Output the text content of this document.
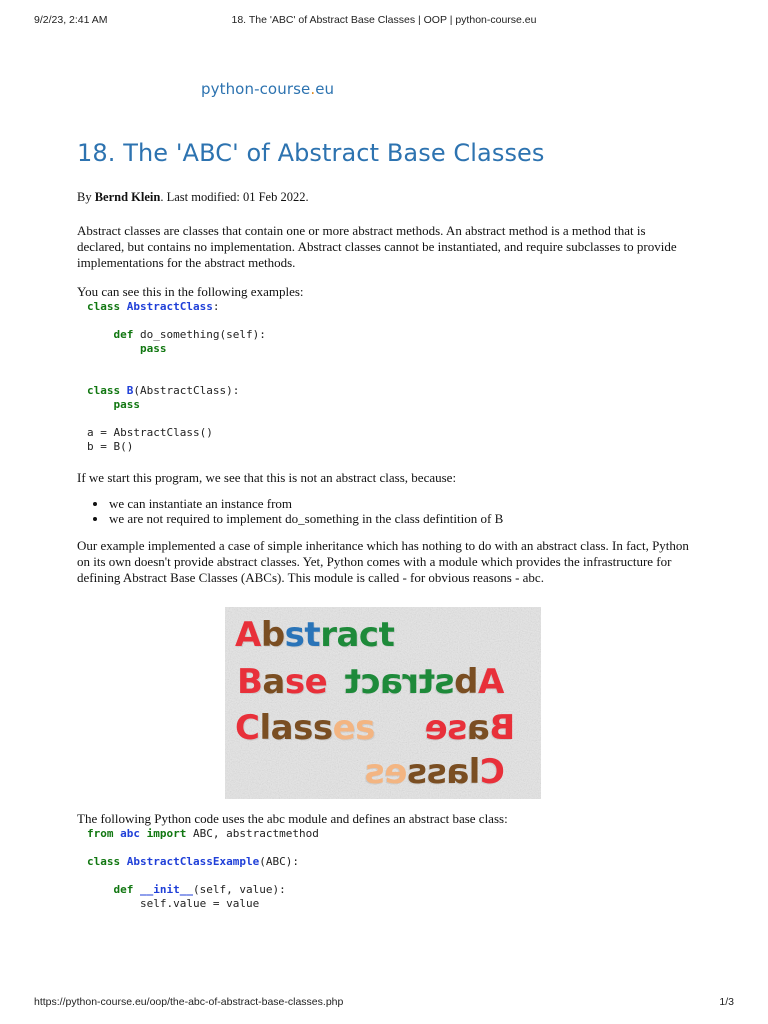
9/2/23, 2:41 AM	18. The 'ABC' of Abstract Base Classes | OOP | python-course.eu
python-course.eu
18. The 'ABC' of Abstract Base Classes
By Bernd Klein. Last modified: 01 Feb 2022.

Abstract classes are classes that contain one or more abstract methods. An abstract method is a method that is declared, but contains no implementation. Abstract classes cannot be instantiated, and require subclasses to provide implementations for the abstract methods.

You can see this in the following examples:

class AbstractClass:

def do_something(self):
pass

class B(AbstractClass):
pass

a = AbstractClass()
b = B()

If we start this program, we see that this is not an abstract class, because:

• we can instantiate an instance from
• we are not required to implement do_something in the class defintition of B

Our example implemented a case of simple inheritance which has nothing to do with an abstract class. In fact, Python on its own doesn't provide abstract classes. Yet, Python comes with a module which provides the infrastructure for defining Abstract Base Classes (ABCs). This module is called - for obvious reasons - abc.

Abstract
Base	Abstract
Classes	Base
Classes

The following Python code uses the abc module and defines an abstract base class:

from abc import ABC, abstractmethod

class AbstractClassExample(ABC):

def __init__(self, value):
self.value = value
https://python-course.eu/oop/the-abc-of-abstract-base-classes.php	1/3
